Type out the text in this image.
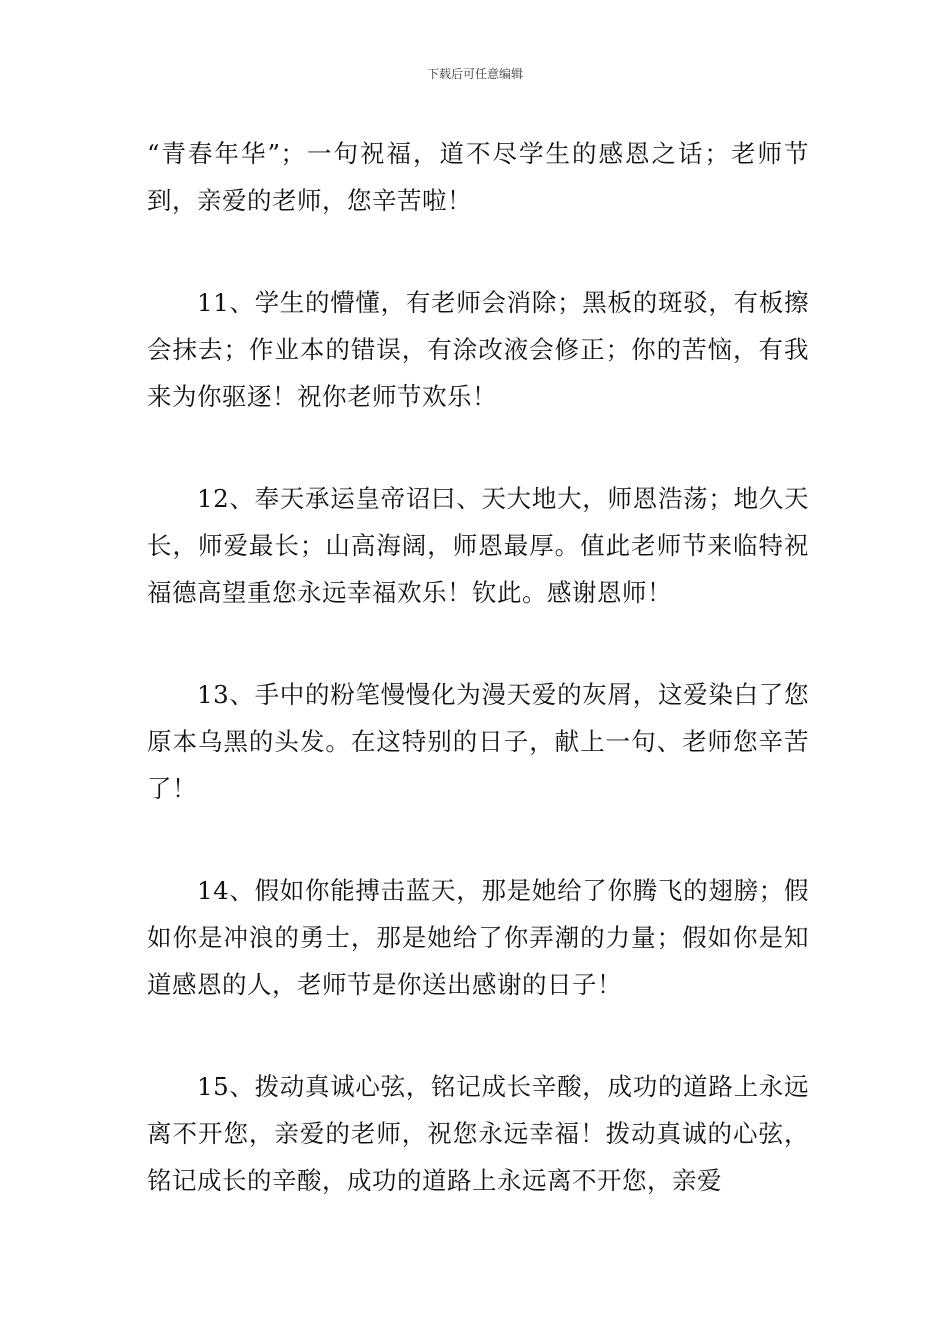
下载后可任意编辑

“青春年华”；一句祝福，道不尽学生的感恩之话；老师节到，亲爱的老师，您辛苦啦！

11、学生的懵懂，有老师会消除；黑板的斑驳，有板擦会抹去；作业本的错误，有涂改液会修正；你的苦恼，有我来为你驱逐！祝你老师节欢乐！

12、奉天承运皇帝诏曰、天大地大，师恩浩荡；地久天长，师爱最长；山高海阔，师恩最厚。值此老师节来临特祝福德高望重您永远幸福欢乐！钦此。感谢恩师！

13、手中的粉笔慢慢化为漫天爱的灰屑，这爱染白了您原本乌黑的头发。在这特别的日子，献上一句、老师您辛苦了！

14、假如你能搏击蓝天，那是她给了你腾飞的翅膀；假如你是冲浪的勇士，那是她给了你弄潮的力量；假如你是知道感恩的人，老师节是你送出感谢的日子！

15、拨动真诚心弦，铭记成长辛酸，成功的道路上永远离不开您，亲爱的老师，祝您永远幸福！拨动真诚的心弦，铭记成长的辛酸，成功的道路上永远离不开您，亲爱
